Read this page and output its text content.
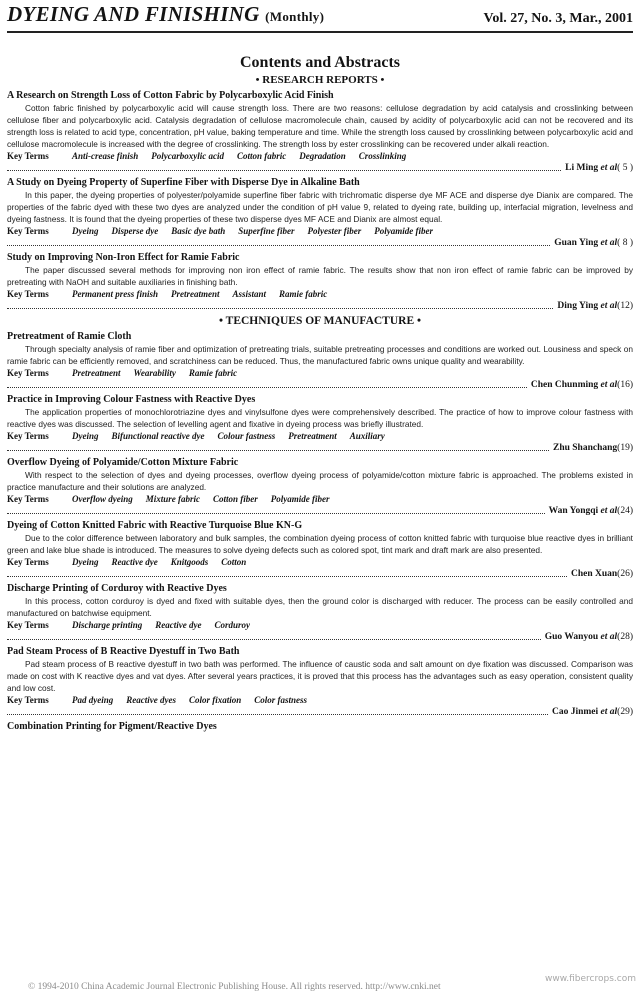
DYEING AND FINISHING (Monthly)	Vol. 27, No. 3, Mar., 2001
Contents and Abstracts
• RESEARCH REPORTS •
A Research on Strength Loss of Cotton Fabric by Polycarboxylic Acid Finish
Cotton fabric finished by polycarboxylic acid will cause strength loss. There are two reasons: cellulose degradation by acid catalysis and crosslinking between cellulose fiber and polycarboxylic acid. Catalysis degradation of cellulose macromolecule chain, caused by acidity of polycarboxylic acid can not be recovered and its strength loss is related to acid type, concentration, pH value, baking temperature and time. While the strength loss caused by crosslinking between polycarboxylic acid and cellulose macromolecule is increased with the degree of crosslinking. The strength loss by ester crosslinking can be recovered under alkali reaction.
Key Terms	Anti-crease finish Polycarboxylic acid Cotton fabric Degradation Crosslinking
Li Ming et al ( 5 )
A Study on Dyeing Property of Superfine Fiber with Disperse Dye in Alkaline Bath
In this paper, the dyeing properties of polyester/polyamide superfine fiber fabric with trichromatic disperse dye MF ACE and disperse dye Dianix are compared. The properties of the fabric dyed with these two dyes are analyzed under the condition of pH value 9, related to dyeing rate, building up, interfacial migration, levelness and dyeing fastness. It is found that the dyeing properties of these two disperse dyes MF ACE and Dianix are almost equal.
Key Terms	Dyeing Disperse dye Basic dye bath Superfine fiber Polyester fiber Polyamide fiber
Guan Ying et al ( 8 )
Study on Improving Non-Iron Effect for Ramie Fabric
The paper discussed several methods for improving non iron effect of ramie fabric. The results show that non iron effect of ramie fabric can be improved by pretreating with NaOH and suitable auxiliaries in finishing bath.
Key Terms	Permanent press finish Pretreatment Assistant Ramie fabric
Ding Ying et al (12)
• TECHNIQUES OF MANUFACTURE •
Pretreatment of Ramie Cloth
Through specialty analysis of ramie fiber and optimization of pretreating trials, suitable pretreating processes and conditions are worked out. Lousiness and speck on ramie fabric can be efficiently removed, and scratchiness can be reduced. Thus, the manufactured fabric owns unique quality and wearability.
Key Terms	Pretreatment Wearability Ramie fabric
Chen Chunming et al (16)
Practice in Improving Colour Fastness with Reactive Dyes
The application properties of monochlorotriazine dyes and vinylsulfone dyes were comprehensively described. The practice of how to improve colour fastness with reactive dyes was discussed. The selection of levelling agent and fixative in dyeing process was briefly illustrated.
Key Terms	Dyeing Bifunctional reactive dye Colour fastness Pretreatment Auxiliary
Zhu Shanchang (19)
Overflow Dyeing of Polyamide/Cotton Mixture Fabric
With respect to the selection of dyes and dyeing processes, overflow dyeing process of polyamide/cotton mixture fabric is approached. The problems existed in practice manufacture and their solutions are analyzed.
Key Terms	Overflow dyeing Mixture fabric Cotton fiber Polyamide fiber
Wan Yongqi et al (24)
Dyeing of Cotton Knitted Fabric with Reactive Turquoise Blue KN-G
Due to the color difference between laboratory and bulk samples, the combination dyeing process of cotton knitted fabric with turquoise blue reactive dyes in brilliant green and lake blue shade is introduced. The measures to solve dyeing defects such as colored spot, tint mark and draft mark are also presented.
Key Terms	Dyeing Reactive dye Knitgoods Cotton
Chen Xuan (26)
Discharge Printing of Corduroy with Reactive Dyes
In this process, cotton corduroy is dyed and fixed with suitable dyes, then the ground color is discharged with reducer. The process can be easily controlled and manufactured on batchwise equipment.
Key Terms	Discharge printing Reactive dye Corduroy
Guo Wanyou et al (28)
Pad Steam Process of B Reactive Dyestuff in Two Bath
Pad steam process of B reactive dyestuff in two bath was performed. The influence of caustic soda and salt amount on dye fixation was discussed. Comparison was made on cost with K reactive dyes and vat dyes. After several years practices, it is proved that this process has the advantages such as easy operation, consistent quality and low cost.
Key Terms	Pad dyeing Reactive dyes Color fixation Color fastness
Cao Jinmei et al (29)
Combination Printing for Pigment/Reactive Dyes
© 1994-2010 China Academic Journal Electronic Publishing House. All rights reserved. http://www.cnki.net
www.fibercrops.com
